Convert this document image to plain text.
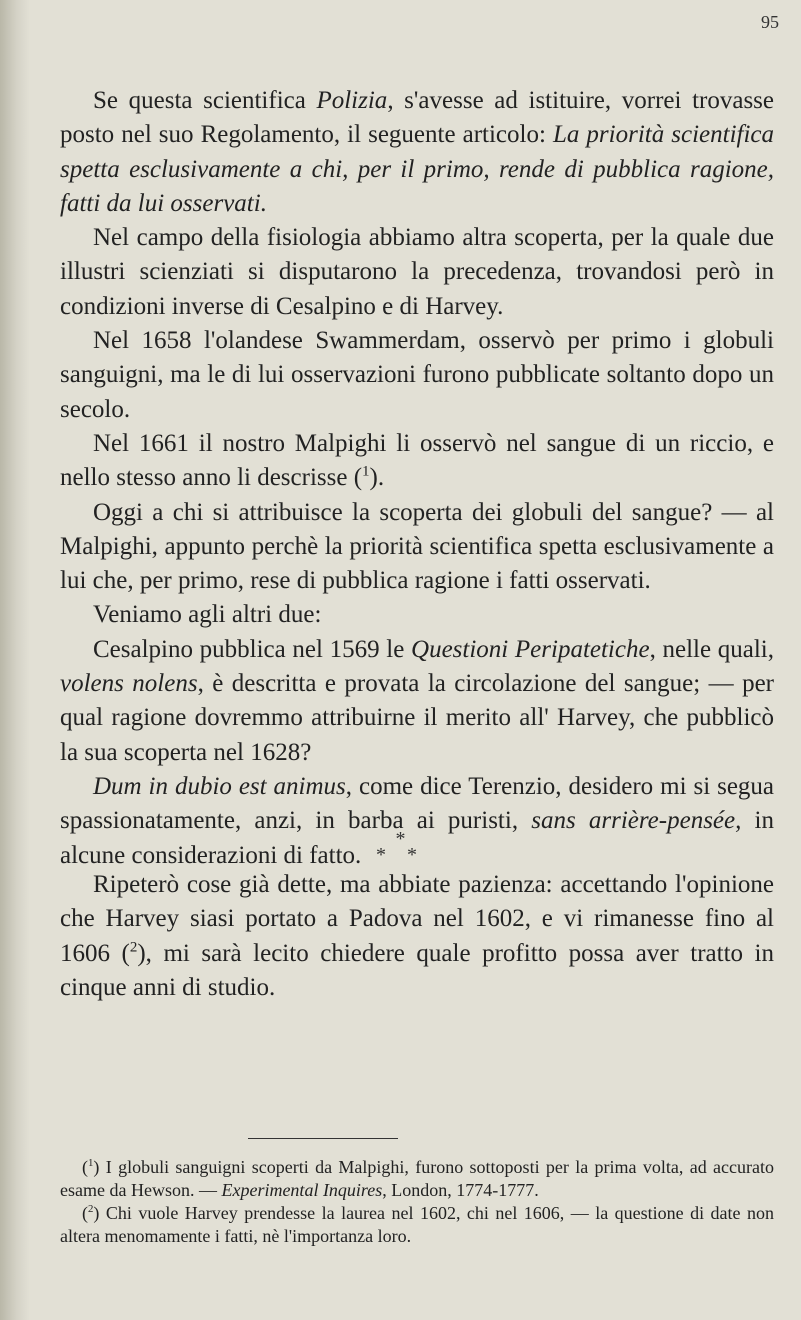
95

Se questa scientifica Polizia, s'avesse ad istituire, vorrei trovasse posto nel suo Regolamento, il seguente articolo: La priorità scientifica spetta esclusivamente a chi, per il primo, rende di pubblica ragione, fatti da lui osservati.

Nel campo della fisiologia abbiamo altra scoperta, per la quale due illustri scienziati si disputarono la precedenza, trovandosi però in condizioni inverse di Cesalpino e di Harvey.

Nel 1658 l'olandese Swammerdam, osservò per primo i globuli sanguigni, ma le di lui osservazioni furono pubblicate soltanto dopo un secolo.

Nel 1661 il nostro Malpighi li osservò nel sangue di un riccio, e nello stesso anno li descrisse ($^1$).

Oggi a chi si attribuisce la scoperta dei globuli del sangue? — al Malpighi, appunto perchè la priorità scientifica spetta esclusivamente a lui che, per primo, rese di pubblica ragione i fatti osservati.

Veniamo agli altri due:

Cesalpino pubblica nel 1569 le Questioni Peripatetiche, nelle quali, volens nolens, è descritta e provata la circolazione del sangue; — per qual ragione dovremmo attribuirne il merito all' Harvey, che pubblicò la sua scoperta nel 1628?

Dum in dubio est animus, come dice Terenzio, desidero mi si segua spassionatamente, anzi, in barba ai puristi, sans arrière-pensée, in alcune considerazioni di fatto.

*
* *

Ripeterò cose già dette, ma abbiate pazienza: accettando l'opinione che Harvey siasi portato a Padova nel 1602, e vi rimanesse fino al 1606 ($^2$), mi sarà lecito chiedere quale profitto possa aver tratto in cinque anni di studio.

($^1$) I globuli sanguigni scoperti da Malpighi, furono sottoposti per la prima volta, ad accurato esame da Hewson. — Experimental Inquires, London, 1774-1777.

($^2$) Chi vuole Harvey prendesse la laurea nel 1602, chi nel 1606, — la questione di date non altera menomamente i fatti, nè l'importanza loro.
